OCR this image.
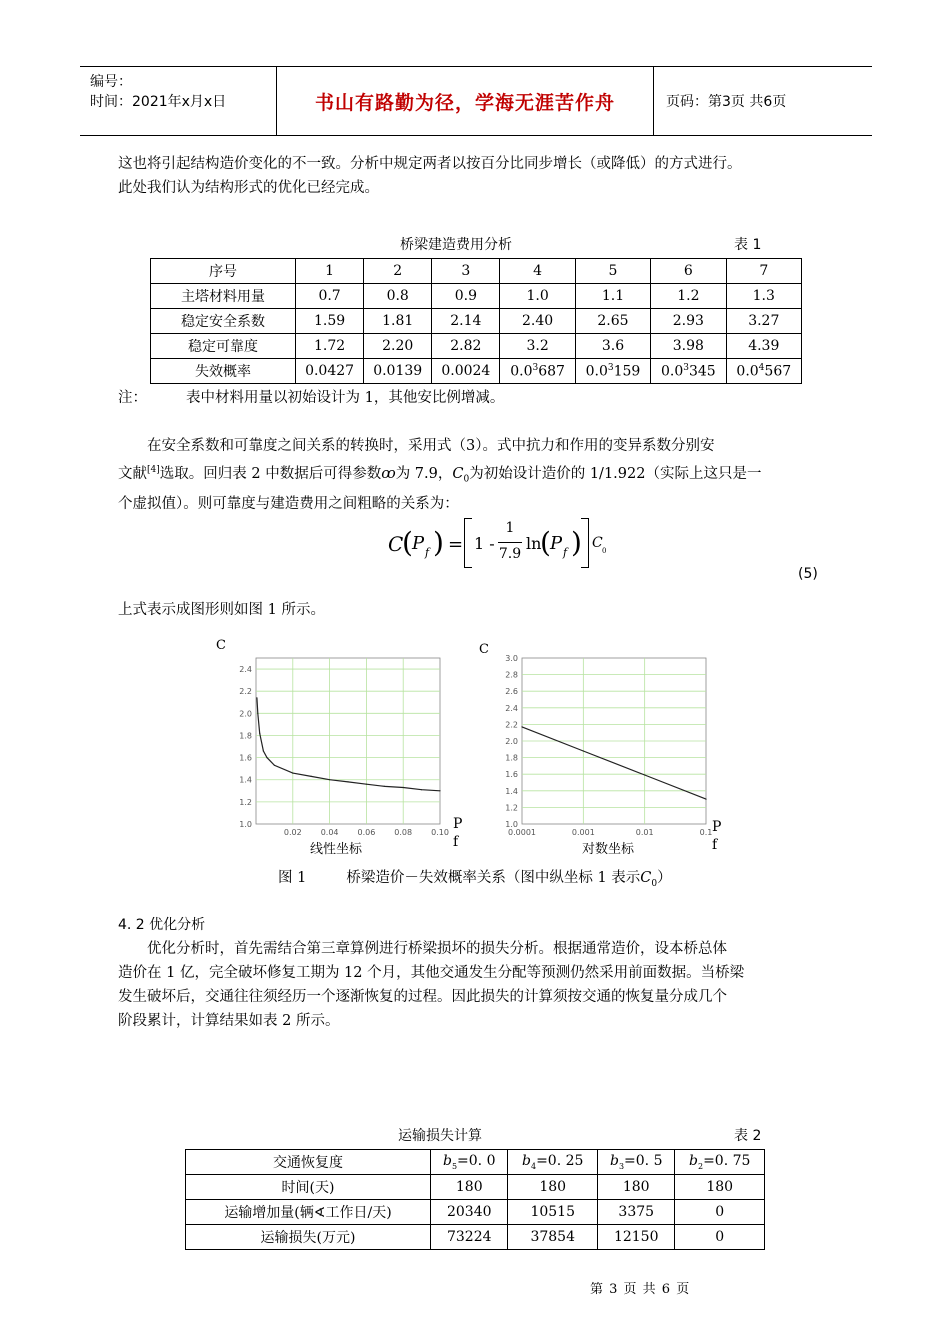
编号：
时间：2021年x月x日	书山有路勤为径，学海无涯苦作舟	页码：第3页 共6页
这也将引起结构造价变化的不一致。分析中规定两者以按百分比同步增长（或降低）的方式进行。
此处我们认为结构形式的优化已经完成。
桥梁建造费用分析	表 1
序号	1	2	3	4	5	6	7
主塔材料用量	0.7	0.8	0.9	1.0	1.1	1.2	1.3
稳定安全系数	1.59	1.81	2.14	2.40	2.65	2.93	3.27
稳定可靠度	1.72	2.20	2.82	3.2	3.6	3.98	4.39
失效概率	0.0427	0.0139	0.0024	$0.0^3687$	$0.0^3159$	$0.0^3345$	$0.0^4567$
注：	表中材料用量以初始设计为 1，其他安比例增减。
在安全系数和可靠度之间关系的转换时，采用式（3）。式中抗力和作用的变异系数分别安
文献[4]选取。回归表 2 中数据后可得参数ꝏ为 7.9，$C_0$为初始设计造价的 1/1.922（实际上这只是一
个虚拟值）。则可靠度与建造费用之间粗略的关系为：
C
( P f ) = 1 -
1
7.9
ln
( P f ) C 0
(5)
上式表示成图形则如图 1 所示。
C
1.0
1.2
1.4
1.6
1.8
2.0
2.2
2.4
0.02 0.04 0.06 0.08 0.10
Pf
线性坐标
C
1.0
1.2
1.4
1.6
1.8
2.0
2.2
2.4
2.6
2.8
3.0
0.0001	0.001	0.01	0.1 Pf
对数坐标
图 1	桥梁造价－失效概率关系（图中纵坐标 1 表示$C_0$）
4. 2 优化分析
优化分析时，首先需结合第三章算例进行桥梁损坏的损失分析。根据通常造价，设本桥总体
造价在 1 亿，完全破坏修复工期为 12 个月，其他交通发生分配等预测仍然采用前面数据。当桥梁
发生破坏后，交通往往须经历一个逐渐恢复的过程。因此损失的计算须按交通的恢复量分成几个
阶段累计，计算结果如表 2 所示。
运输损失计算	表 2
交通恢复度	$b_5=0$. 0	$b_4=0$. 25	$b_3=0$. 5	$b_2=0$. 75
时间(天)	180	180	180	180
运输增加量(辆∢工作日/天)	20340	10515	3375	0
运输损失(万元)	73224	37854	12150	0
第 3 页 共 6 页
